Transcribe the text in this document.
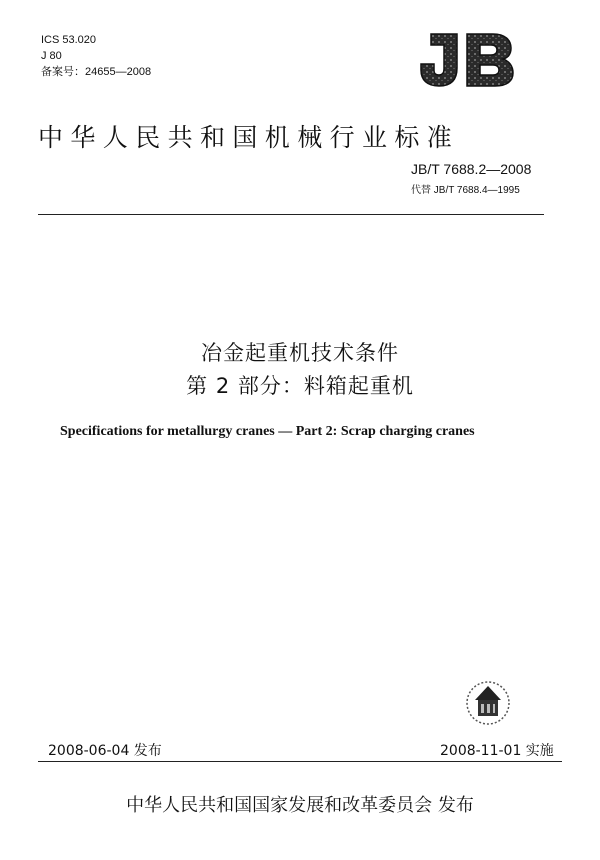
ICS 53.020
J 80
备案号：24655—2008
中华人民共和国机械行业标准
JB/T 7688.2—2008
代替 JB/T 7688.4—1995
冶金起重机技术条件
第 2 部分：料箱起重机
Specifications for metallurgy cranes — Part 2: Scrap charging cranes
2008-06-04 发布	2008-11-01 实施
中华人民共和国国家发展和改革委员会 发布
